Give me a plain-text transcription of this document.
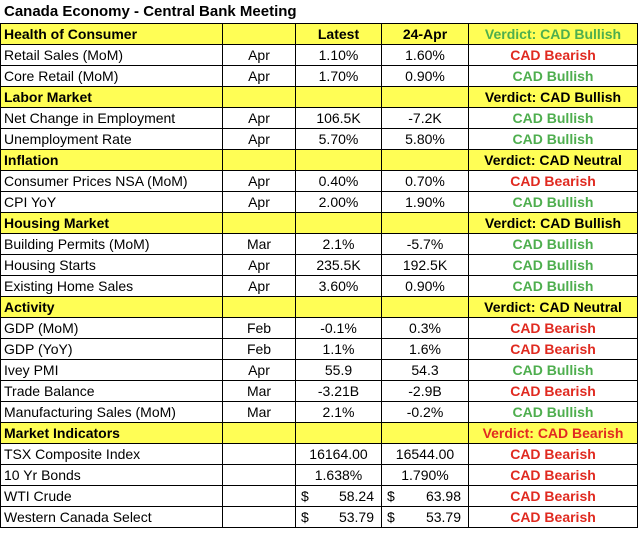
Canada Economy - Central Bank Meeting
Health of Consumer		Latest	24-Apr	Verdict: CAD Bullish
Retail Sales (MoM)	Apr	1.10%	1.60%	CAD Bearish
Core Retail (MoM)	Apr	1.70%	0.90%	CAD Bullish
Labor Market				Verdict: CAD Bullish
Net Change in Employment	Apr	106.5K	-7.2K	CAD Bullish
Unemployment Rate	Apr	5.70%	5.80%	CAD Bullish
Inflation				Verdict: CAD Neutral
Consumer Prices NSA (MoM)	Apr	0.40%	0.70%	CAD Bearish
CPI YoY	Apr	2.00%	1.90%	CAD Bullish
Housing Market				Verdict: CAD Bullish
Building Permits (MoM)	Mar	2.1%	-5.7%	CAD Bullish
Housing Starts	Apr	235.5K	192.5K	CAD Bullish
Existing Home Sales	Apr	3.60%	0.90%	CAD Bullish
Activity				Verdict: CAD Neutral
GDP (MoM)	Feb	-0.1%	0.3%	CAD Bearish
GDP (YoY)	Feb	1.1%	1.6%	CAD Bearish
Ivey PMI	Apr	55.9	54.3	CAD Bullish
Trade Balance	Mar	-3.21B	-2.9B	CAD Bearish
Manufacturing Sales (MoM)	Mar	2.1%	-0.2%	CAD Bullish
Market Indicators				Verdict: CAD Bearish
TSX Composite Index		16164.00	16544.00	CAD Bearish
10 Yr Bonds		1.638%	1.790%	CAD Bearish
WTI Crude		$ 58.24	$ 63.98	CAD Bearish
Western Canada Select		$ 53.79	$ 53.79	CAD Bearish
